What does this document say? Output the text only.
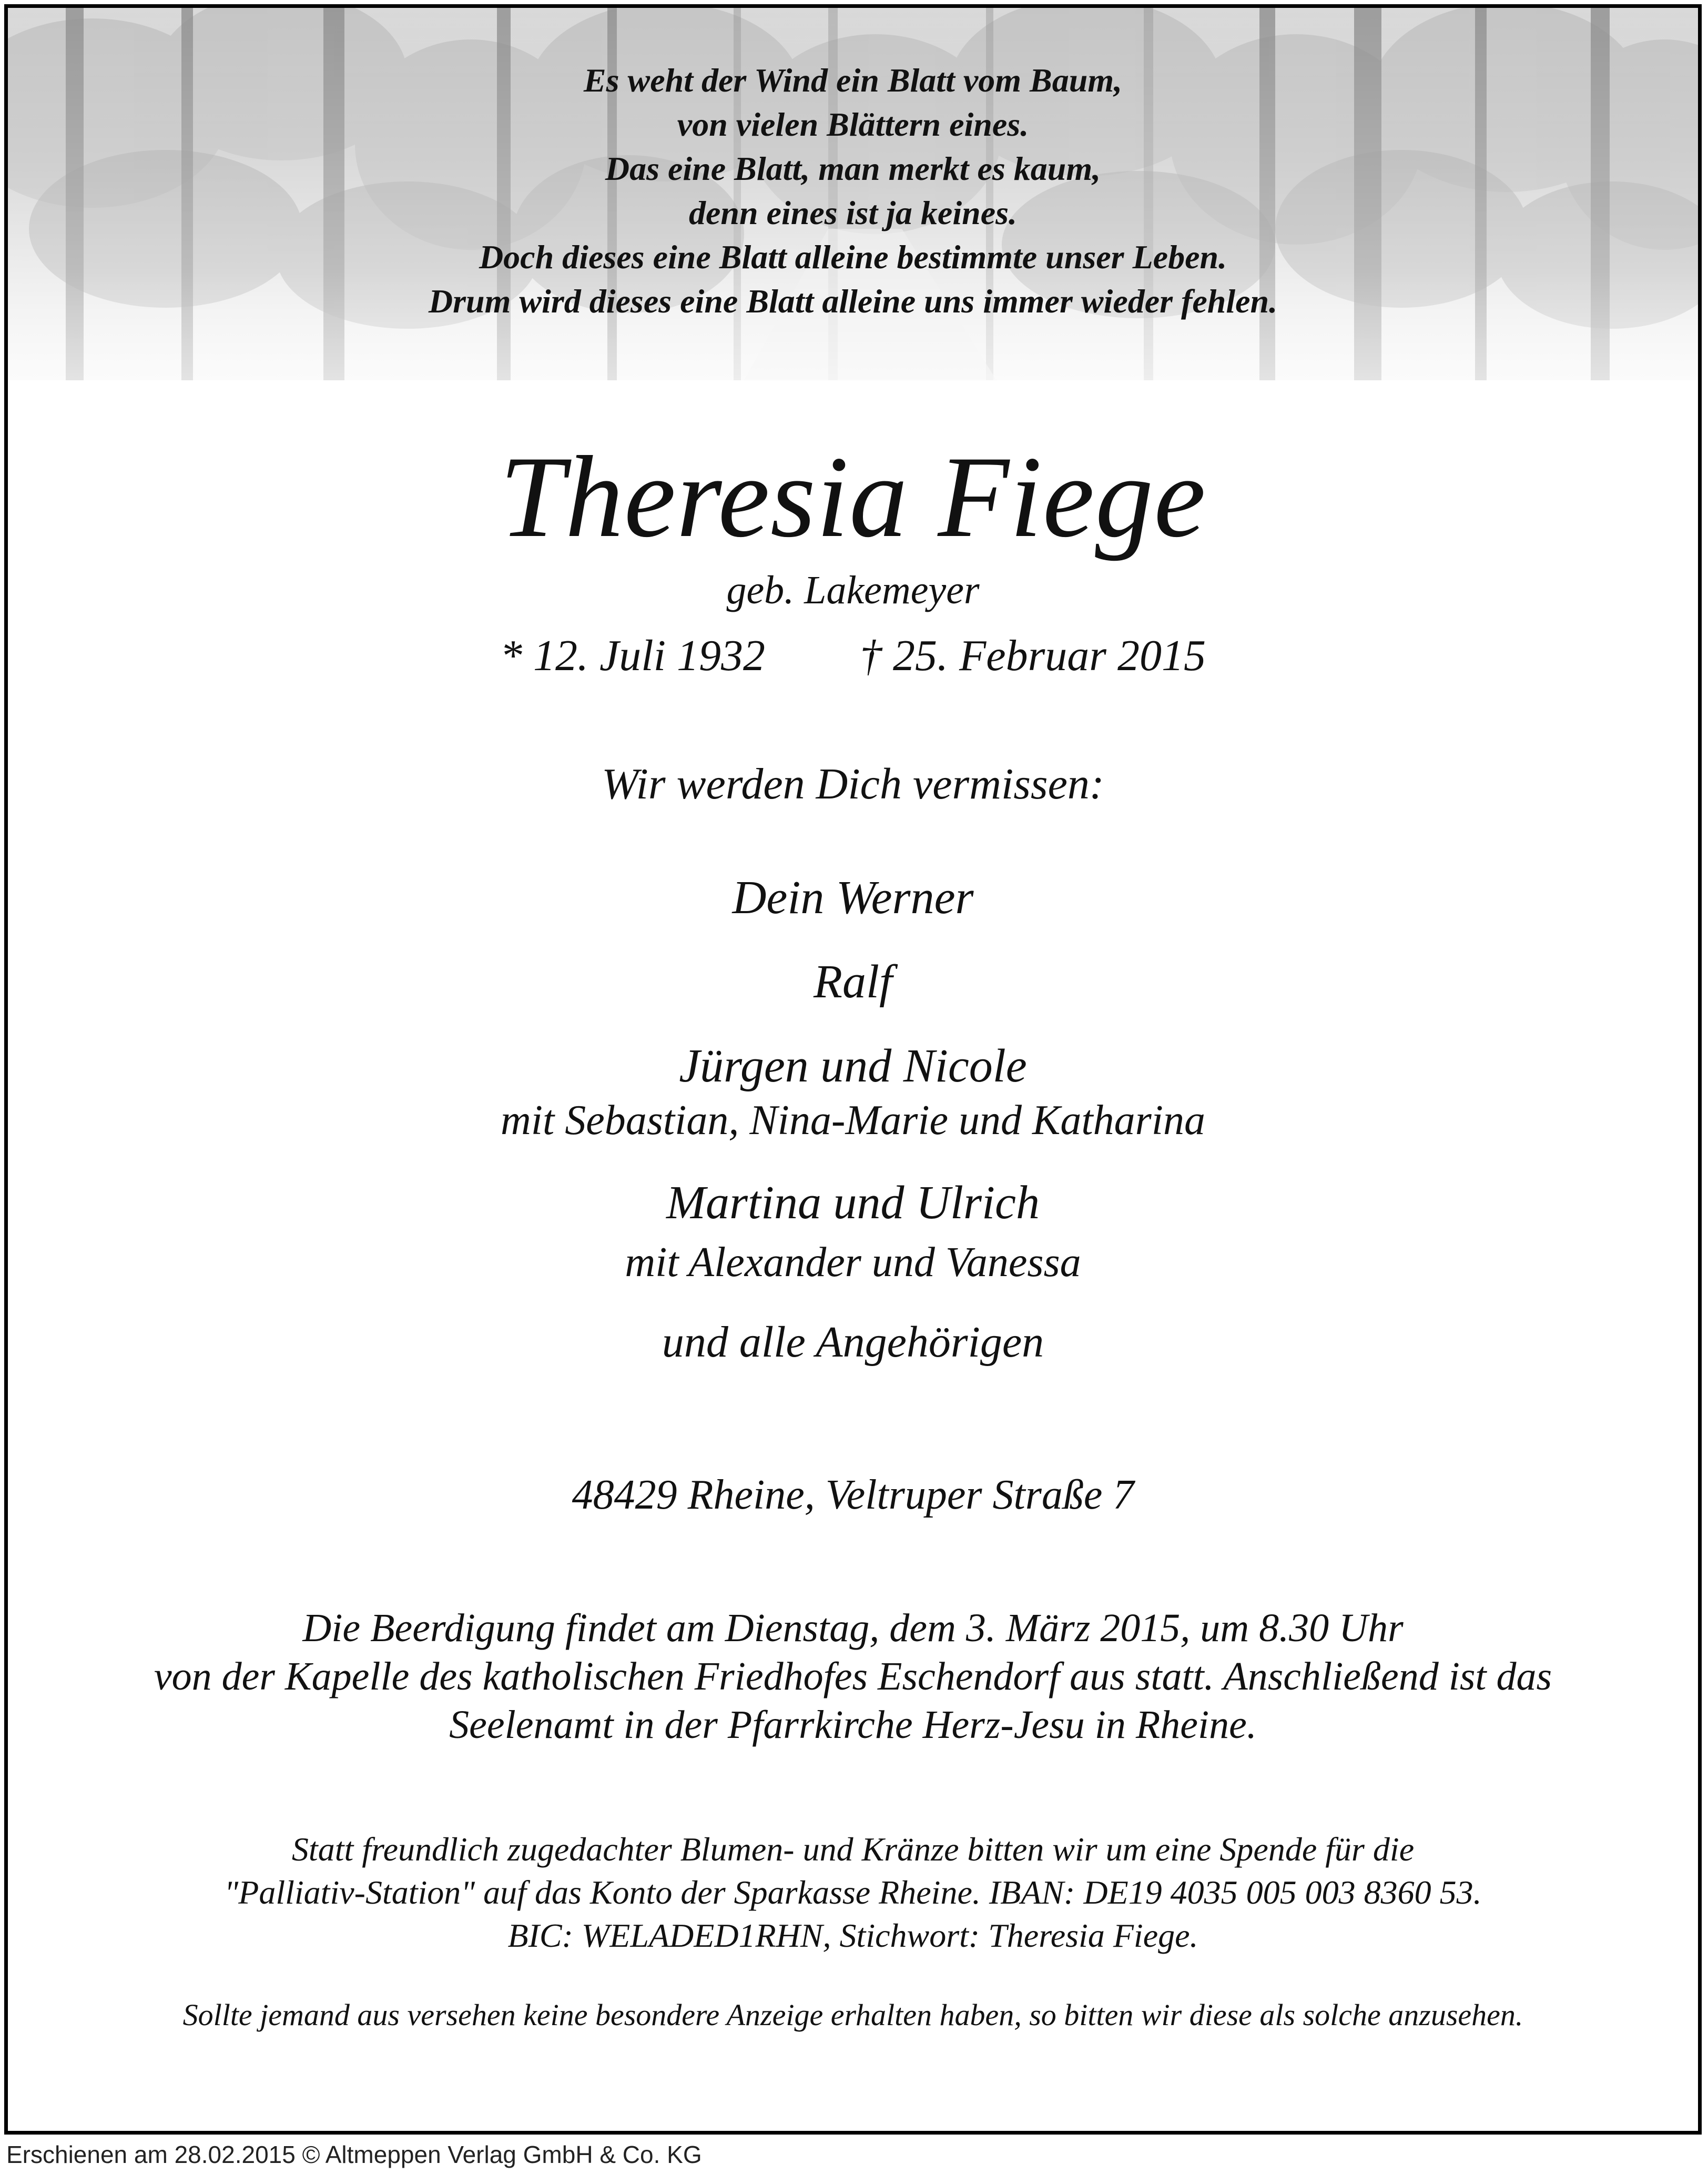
Es weht der Wind ein Blatt vom Baum,
von vielen Blättern eines.
Das eine Blatt, man merkt es kaum,
denn eines ist ja keines.
Doch dieses eine Blatt alleine bestimmte unser Leben.
Drum wird dieses eine Blatt alleine uns immer wieder fehlen.
Theresia Fiege
geb. Lakemeyer
* 12. Juli 1932 † 25. Februar 2015
Wir werden Dich vermissen:
Dein Werner
Ralf
Jürgen und Nicole
mit Sebastian, Nina-Marie und Katharina
Martina und Ulrich
mit Alexander und Vanessa
und alle Angehörigen
48429 Rheine, Veltruper Straße 7
Die Beerdigung findet am Dienstag, dem 3. März 2015, um 8.30 Uhr
von der Kapelle des katholischen Friedhofes Eschendorf aus statt. Anschließend ist das
Seelenamt in der Pfarrkirche Herz-Jesu in Rheine.
Statt freundlich zugedachter Blumen- und Kränze bitten wir um eine Spende für die
"Palliativ-Station" auf das Konto der Sparkasse Rheine. IBAN: DE19 4035 005 003 8360 53.
BIC: WELADED1RHN, Stichwort: Theresia Fiege.
Sollte jemand aus versehen keine besondere Anzeige erhalten haben, so bitten wir diese als solche anzusehen.
Erschienen am 28.02.2015 © Altmeppen Verlag GmbH & Co. KG
